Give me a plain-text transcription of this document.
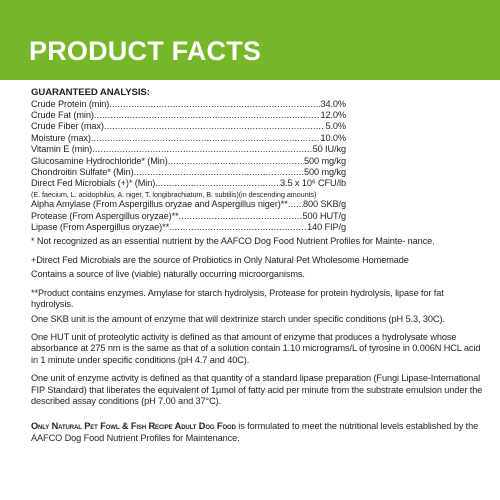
PRODUCT FACTS

GUARANTEED ANALYSIS:

Crude Protein (min) .....	34.0%
Crude Fat (min) .....	12.0%
Crude Fiber (max) .....	5.0%
Moisture (max) .....	10.0%
Vitamin E (min) .....	50 IU/kg
Glucosamine Hydrochloride* (Min) .....	500 mg/kg
Chondroitin Sulfate* (Min) .....	500 mg/kg
Direct Fed Microbials (+)* (Min) .....	3.5 x 10⁶ CFU/lb
(E. faecium, L. acidophilus, A. niger, T. longibrachiatum, B. subtilis)(in descending amounts)
Alpha Amylase (From Aspergillus oryzae and Aspergillus niger)** ..... 800 SKB/g
Protease (From Aspergillus oryzae)** .....	500 HUT/g
Lipase (From Aspergillus oryzae)** .....	140 FIP/g

* Not recognized as an essential nutrient by the AAFCO Dog Food Nutrient Profiles for Mainte- nance.

+Direct Fed Microbials are the source of Probiotics in Only Natural Pet Wholesome Homemade

Contains a source of live (viable) naturally occurring microorganisms.

**Product contains enzymes. Amylase for starch hydrolysis, Protease for protein hydrolysis, lipase for fat hydrolysis.

One SKB unit is the amount of enzyme that will dextrinize starch under specific conditions (pH 5.3, 30C).

One HUT unit of proteolytic activity is defined as that amount of enzyme that produces a hydrolysate whose absorbance at 275 nm is the same as that of a solution contain 1.10 micrograms/L of tyrosine in 0.006N HCL acid in 1 minute under specific conditions (pH 4.7 and 40C).

One unit of enzyme activity is defined as that quantity of a standard lipase preparation (Fungi Lipase-International FIP Standard) that liberates the equivalent of 1µmol of fatty acid per minute from the substrate emulsion under the described assay conditions (pH 7.00 and 37°C).

Only Natural Pet Fowl & Fish Recipe Adult Dog Food is formulated to meet the nutritional levels established by the AAFCO Dog Food Nutrient Profiles for Maintenance.
